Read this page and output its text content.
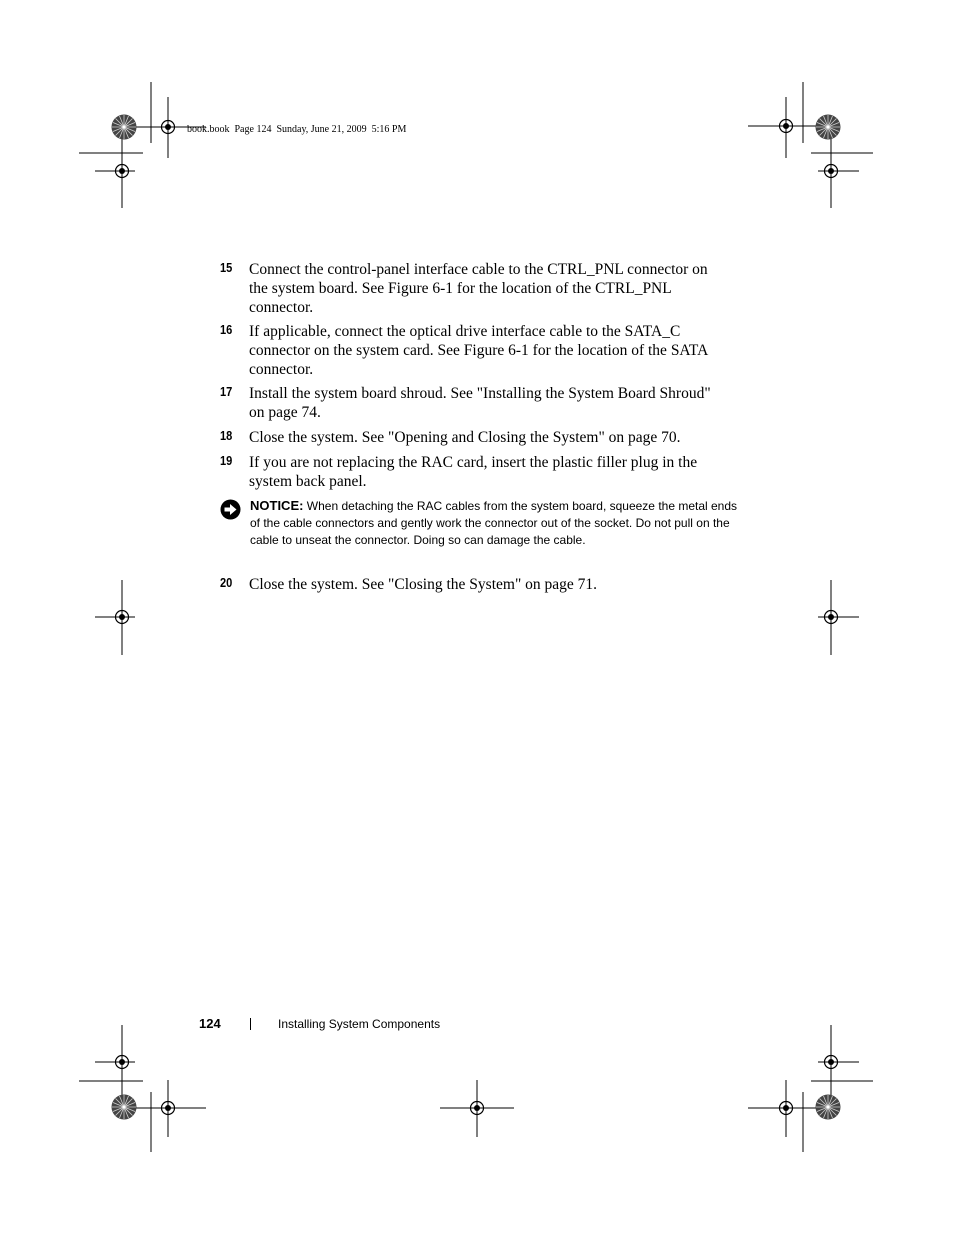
book.book  Page 124  Sunday, June 21, 2009  5:16 PM
15 Connect the control-panel interface cable to the CTRL_PNL connector on the system board. See Figure 6-1 for the location of the CTRL_PNL connector.
16 If applicable, connect the optical drive interface cable to the SATA_C connector on the system card. See Figure 6-1 for the location of the SATA connector.
17 Install the system board shroud. See "Installing the System Board Shroud" on page 74.
18 Close the system. See "Opening and Closing the System" on page 70.
19 If you are not replacing the RAC card, insert the plastic filler plug in the system back panel.
NOTICE: When detaching the RAC cables from the system board, squeeze the metal ends of the cable connectors and gently work the connector out of the socket. Do not pull on the cable to unseat the connector. Doing so can damage the cable.
20 Close the system. See "Closing the System" on page 71.
124	Installing System Components
